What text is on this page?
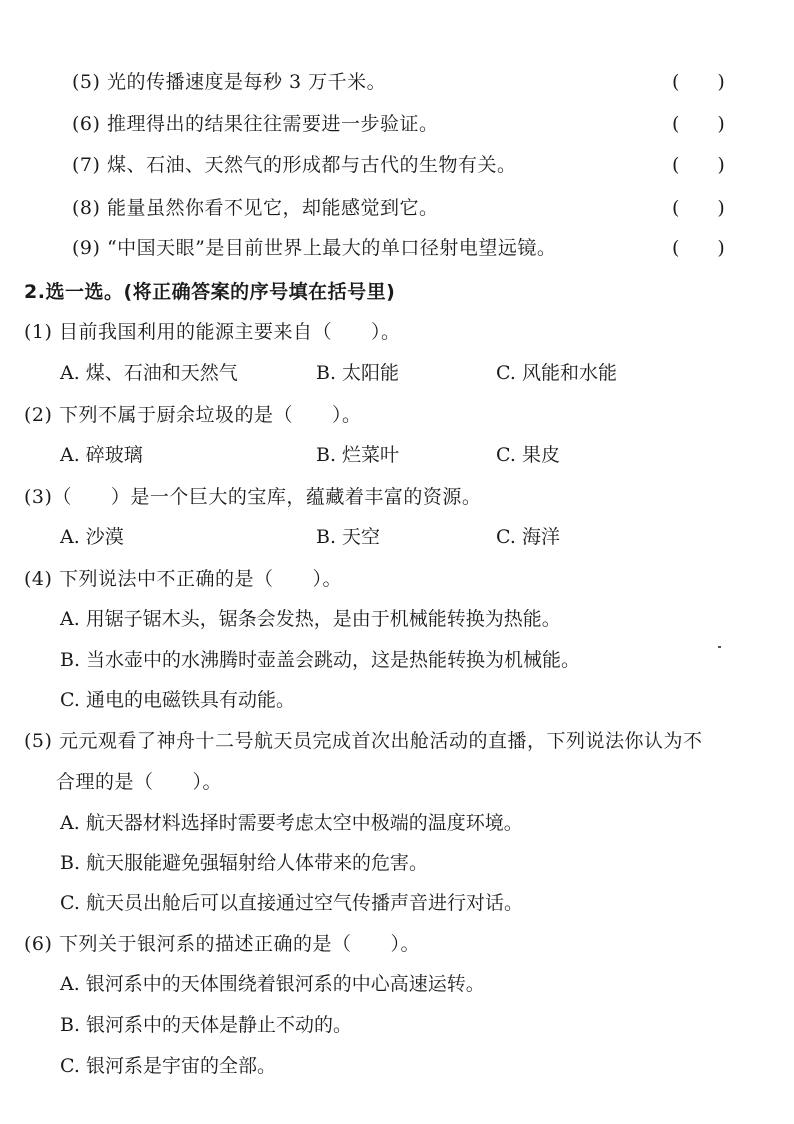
(5) 光的传播速度是每秒 3 万千米。	(　　)
(6) 推理得出的结果往往需要进一步验证。	(　　)
(7) 煤、石油、天然气的形成都与古代的生物有关。	(　　)
(8) 能量虽然你看不见它，却能感觉到它。	(　　)
(9) “中国天眼”是目前世界上最大的单口径射电望远镜。	(　　)
2.选一选。(将正确答案的序号填在括号里)
(1) 目前我国利用的能源主要来自（　　）。
A. 煤、石油和天然气	B. 太阳能	C. 风能和水能
(2) 下列不属于厨余垃圾的是（　　）。
A. 碎玻璃	B. 烂菜叶	C. 果皮
(3)（　　）是一个巨大的宝库，蕴藏着丰富的资源。
A. 沙漠	B. 天空	C. 海洋
(4) 下列说法中不正确的是（　　）。
A. 用锯子锯木头，锯条会发热，是由于机械能转换为热能。
B. 当水壶中的水沸腾时壶盖会跳动，这是热能转换为机械能。
C. 通电的电磁铁具有动能。
(5) 元元观看了神舟十二号航天员完成首次出舱活动的直播，下列说法你认为不
合理的是（　　）。
A. 航天器材料选择时需要考虑太空中极端的温度环境。
B. 航天服能避免强辐射给人体带来的危害。
C. 航天员出舱后可以直接通过空气传播声音进行对话。
(6) 下列关于银河系的描述正确的是（　　）。
A. 银河系中的天体围绕着银河系的中心高速运转。
B. 银河系中的天体是静止不动的。
C. 银河系是宇宙的全部。
